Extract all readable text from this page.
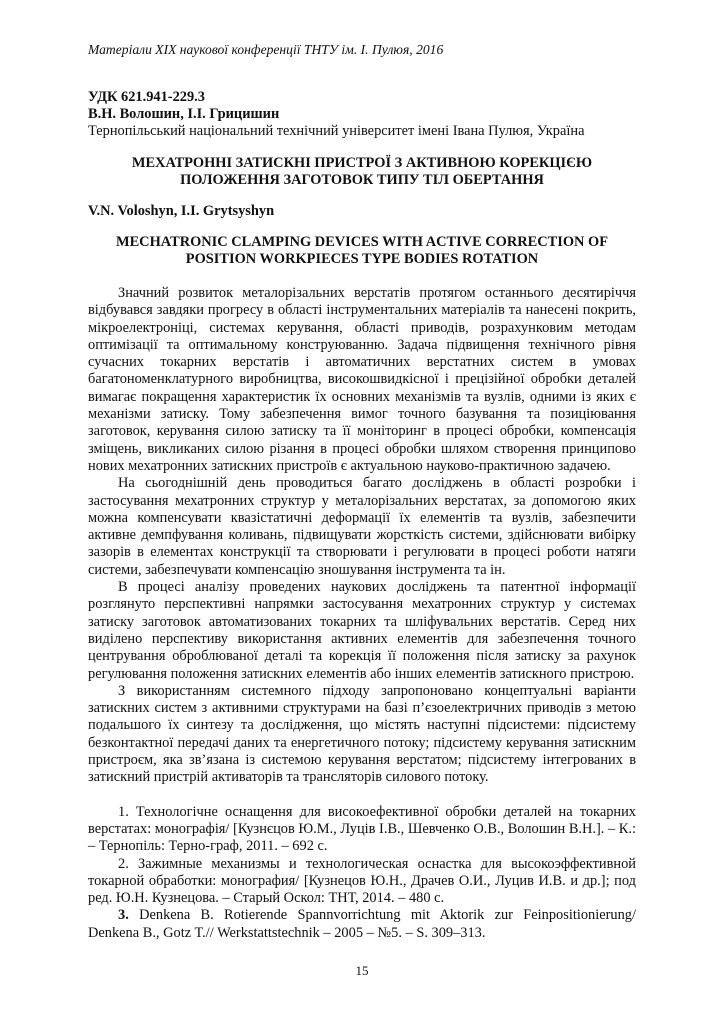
Матеріали ХІХ наукової конференції ТНТУ ім. І. Пулюя, 2016
УДК 621.941-229.3
В.Н. Волошин, І.І. Грицишин
Тернопільський національний технічний університет імені Івана Пулюя, Україна
МЕХАТРОННІ ЗАТИСКНІ ПРИСТРОЇ З АКТИВНОЮ КОРЕКЦІЄЮ ПОЛОЖЕННЯ ЗАГОТОВОК ТИПУ ТІЛ ОБЕРТАННЯ
V.N. Voloshyn, I.I. Grytsyshyn
MECHATRONIC CLAMPING DEVICES WITH ACTIVE CORRECTION OF POSITION WORKPIECES TYPE BODIES ROTATION

Значний розвиток металорізальних верстатів протягом останнього десятиріччя відбувався завдяки прогресу в області інструментальних матеріалів та нанесені покрить, мікроелектроніці, системах керування, області приводів, розрахунковим методам оптимізації та оптимальному конструюванню. Задача підвищення технічного рівня сучасних токарних верстатів і автоматичних верстатних систем в умовах багатономенклатурного виробництва, високошвидкісної і прецізійної обробки деталей вимагає покращення характеристик їх основних механізмів та вузлів, одними із яких є механізми затиску. Тому забезпечення вимог точного базування та позиціювання заготовок, керування силою затиску та її моніторинг в процесі обробки, компенсація зміщень, викликаних силою різання в процесі обробки шляхом створення принципово нових мехатронних затискних пристроїв є актуальною науково-практичною задачею.

На сьогоднішній день проводиться багато досліджень в області розробки і застосування мехатронних структур у металорізальних верстатах, за допомогою яких можна компенсувати квазістатичні деформації їх елементів та вузлів, забезпечити активне демпфування коливань, підвищувати жорсткість системи, здійснювати вибірку зазорів в елементах конструкції та створювати і регулювати в процесі роботи натяги системи, забезпечувати компенсацію зношування інструмента та ін.

В процесі аналізу проведених наукових досліджень та патентної інформації розглянуто перспективні напрямки застосування мехатронних структур у системах затиску заготовок автоматизованих токарних та шліфувальних верстатів. Серед них виділено перспективу використання активних елементів для забезпечення точного центрування оброблюваної деталі та корекція її положення після затиску за рахунок регулювання положення затискних елементів або інших елементів затискного пристрою.

З використанням системного підходу запропоновано концептуальні варіанти затискних систем з активними структурами на базі п’єзоелектричних приводів з метою подальшого їх синтезу та дослідження, що містять наступні підсистеми: підсистему безконтактної передачі даних та енергетичного потоку; підсистему керування затискним пристроєм, яка зв’язана із системою керування верстатом; підсистему інтегрованих в затискний пристрій активаторів та трансляторів силового потоку.

1. Технологічне оснащення для високоефективної обробки деталей на токарних верстатах: монографія/ [Кузнєцов Ю.М., Луців І.В., Шевченко О.В., Волошин В.Н.]. – К.: – Тернопіль: Терно-граф, 2011. – 692 с.

2. Зажимные механизмы и технологическая оснастка для высокоэффективной токарной обработки: монография/ [Кузнецов Ю.Н., Драчев О.И., Луцив И.В. и др.]; под ред. Ю.Н. Кузнецова. – Старый Оскол: ТНТ, 2014. – 480 с.

3. Denkena B. Rotierende Spannvorrichtung mit Aktorik zur Feinpositionierung/ Denkena B., Gotz T.// Werkstattstechnik – 2005 – №5. – S. 309–313.

15
